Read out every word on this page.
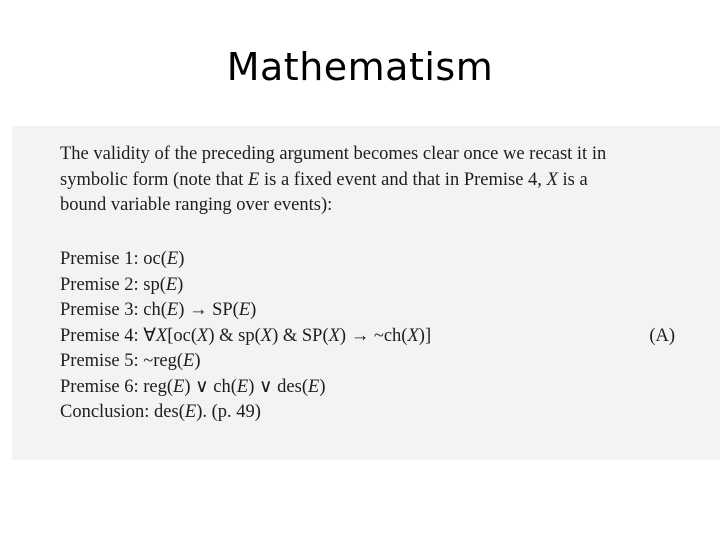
Mathematism
The validity of the preceding argument becomes clear once we recast it in
symbolic form (note that E is a fixed event and that in Premise 4, X is a
bound variable ranging over events):
Premise 1: oc(E)
Premise 2: sp(E)
Premise 3: ch(E) → SP(E)
Premise 4: ∀X[oc(X) & sp(X) & SP(X) → ~ch(X)]	(A)
Premise 5: ~reg(E)
Premise 6: reg(E) ∨ ch(E) ∨ des(E)
Conclusion: des(E). (p. 49)
